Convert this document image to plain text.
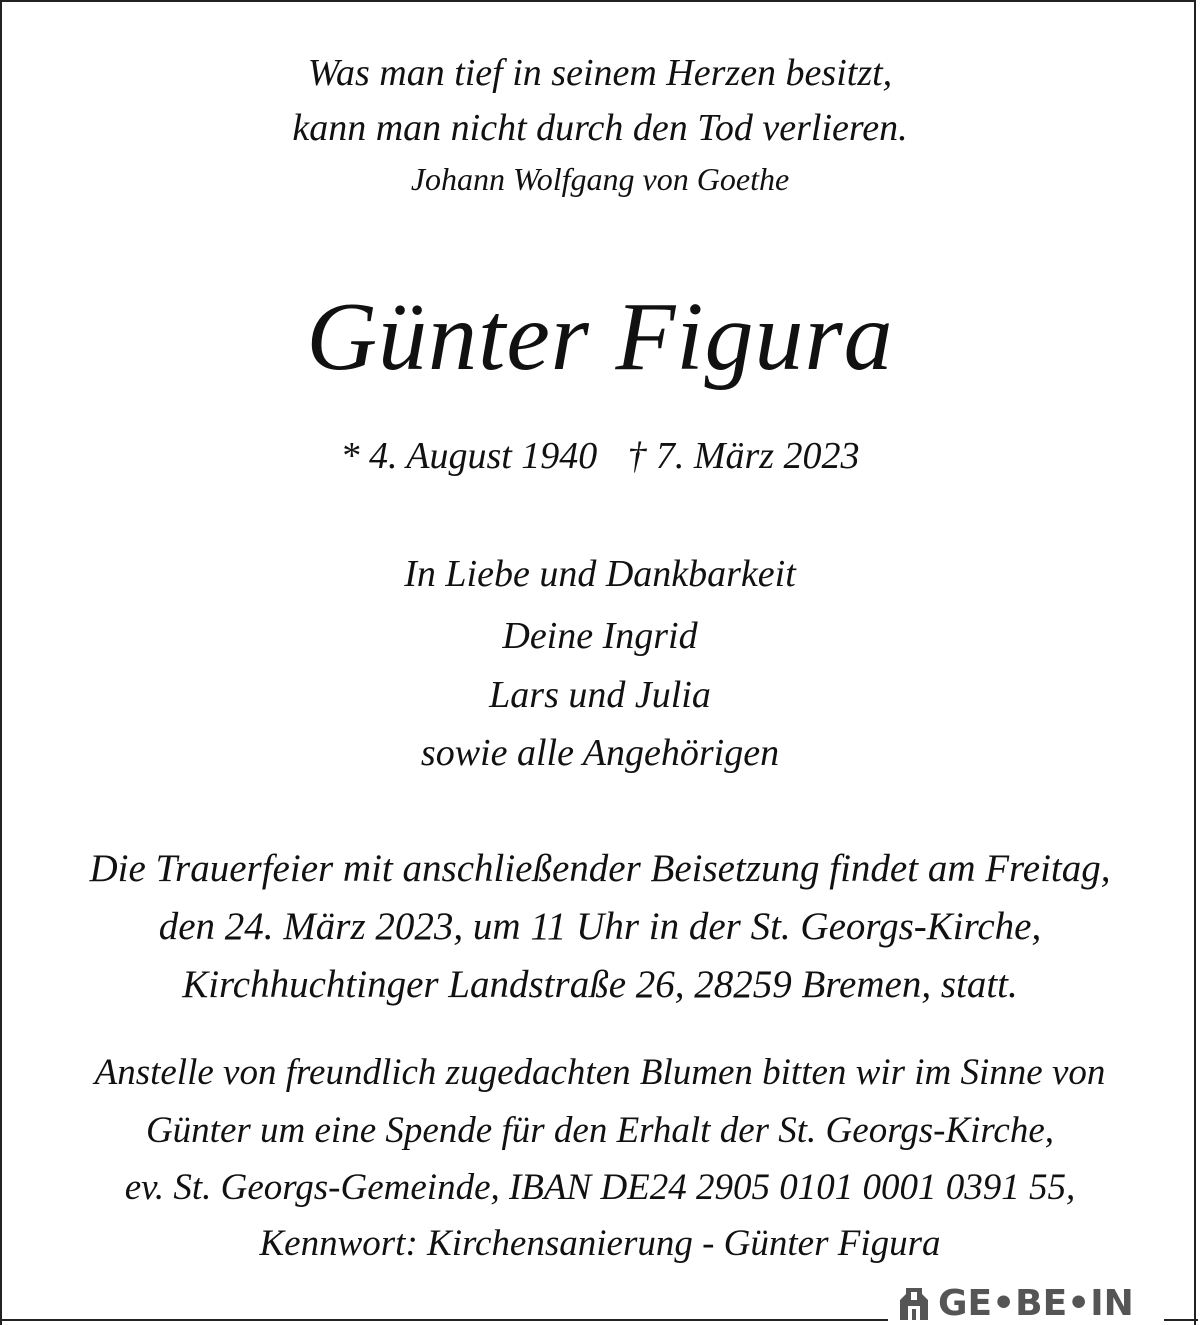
Was man tief in seinem Herzen besitzt,
kann man nicht durch den Tod verlieren.
Johann Wolfgang von Goethe
Günter Figura
* 4. August 1940 † 7. März 2023
In Liebe und Dankbarkeit
Deine Ingrid
Lars und Julia
sowie alle Angehörigen
Die Trauerfeier mit anschließender Beisetzung findet am Freitag,
den 24. März 2023, um 11 Uhr in der St. Georgs-Kirche,
Kirchhuchtinger Landstraße 26, 28259 Bremen, statt.
Anstelle von freundlich zugedachten Blumen bitten wir im Sinne von
Günter um eine Spende für den Erhalt der St. Georgs-Kirche,
ev. St. Georgs-Gemeinde, IBAN DE24 2905 0101 0001 0391 55,
Kennwort: Kirchensanierung - Günter Figura
GE•BE•IN
